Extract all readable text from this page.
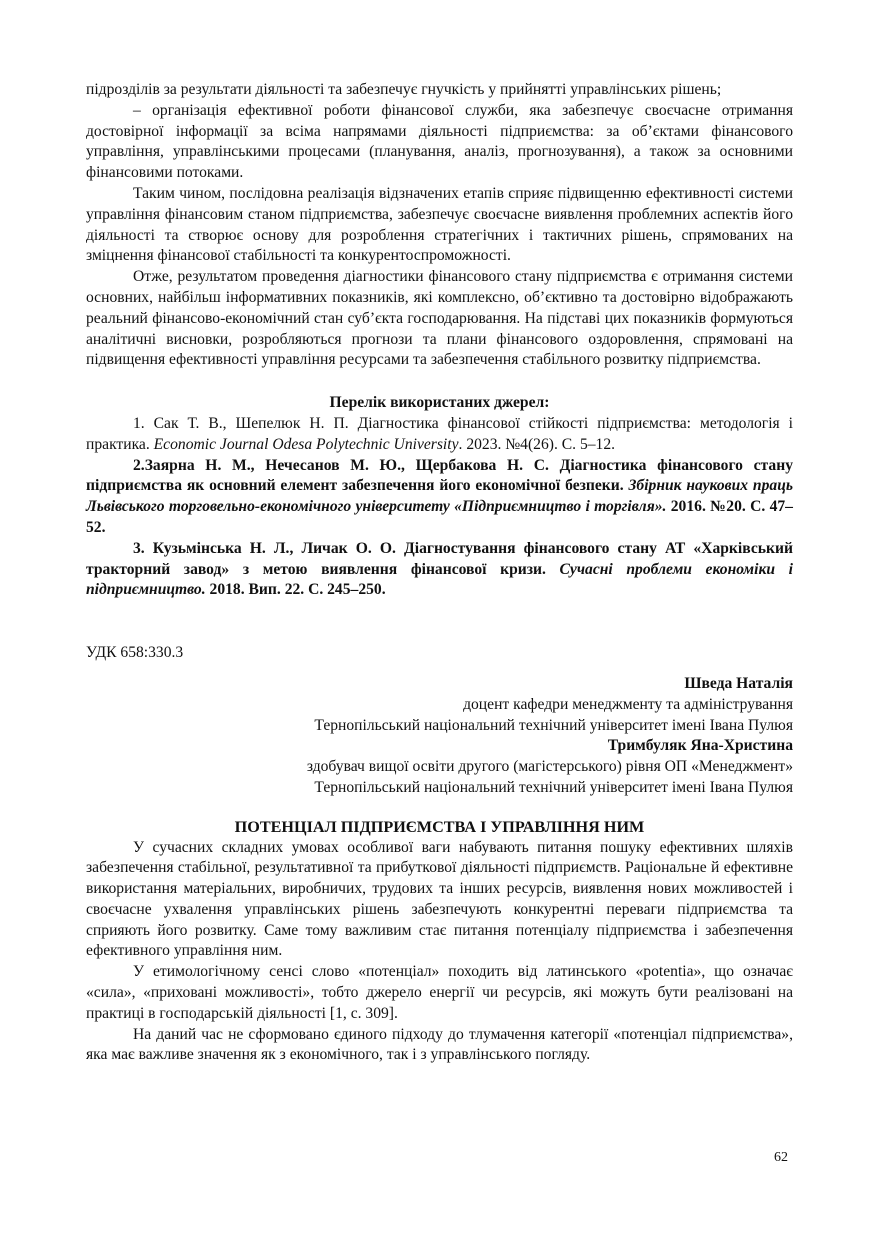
підрозділів за результати діяльності та забезпечує гнучкість у прийнятті управлінських рішень;

– організація ефективної роботи фінансової служби, яка забезпечує своєчасне отримання достовірної інформації за всіма напрямами діяльності підприємства: за об’єктами фінансового управління, управлінськими процесами (планування, аналіз, прогнозування), а також за основними фінансовими потоками.

Таким чином, послідовна реалізація відзначених етапів сприяє підвищенню ефективності системи управління фінансовим станом підприємства, забезпечує своєчасне виявлення проблемних аспектів його діяльності та створює основу для розроблення стратегічних і тактичних рішень, спрямованих на зміцнення фінансової стабільності та конкурентоспроможності.

Отже, результатом проведення діагностики фінансового стану підприємства є отримання системи основних, найбільш інформативних показників, які комплексно, об’єктивно та достовірно відображають реальний фінансово-економічний стан суб’єкта господарювання. На підставі цих показників формуються аналітичні висновки, розробляються прогнози та плани фінансового оздоровлення, спрямовані на підвищення ефективності управління ресурсами та забезпечення стабільного розвитку підприємства.

Перелік використаних джерел:

1. Сак Т. В., Шепелюк Н. П. Діагностика фінансової стійкості підприємства: методологія і практика. Economic Journal Odesa Polytechnic University. 2023. №4(26). С. 5–12.

2.Заярна Н. М., Нечесанов М. Ю., Щербакова Н. С. Діагностика фінансового стану підприємства як основний елемент забезпечення його економічної безпеки. Збірник наукових праць Львівського торговельно-економічного університету «Підприємництво і торгівля». 2016. №20. С. 47–52.

3. Кузьмінська Н. Л., Личак О. О. Діагностування фінансового стану АТ «Харківський тракторний завод» з метою виявлення фінансової кризи. Сучасні проблеми економіки і підприємництво. 2018. Вип. 22. С. 245–250.

УДК 658:330.3

Шведа Наталія

доцент кафедри менеджменту та адміністрування

Тернопільський національний технічний університет імені Івана Пулюя

Тримбуляк Яна-Христина

здобувач вищої освіти другого (магістерського) рівня ОП «Менеджмент»

Тернопільський національний технічний університет імені Івана Пулюя

ПОТЕНЦІАЛ ПІДПРИЄМСТВА І УПРАВЛІННЯ НИМ

У сучасних складних умовах особливої ваги набувають питання пошуку ефективних шляхів забезпечення стабільної, результативної та прибуткової діяльності підприємств. Раціональне й ефективне використання матеріальних, виробничих, трудових та інших ресурсів, виявлення нових можливостей і своєчасне ухвалення управлінських рішень забезпечують конкурентні переваги підприємства та сприяють його розвитку. Саме тому важливим стає питання потенціалу підприємства і забезпечення ефективного управління ним.

У етимологічному сенсі слово «потенціал» походить від латинського «potentia», що означає «сила», «приховані можливості», тобто джерело енергії чи ресурсів, які можуть бути реалізовані на практиці в господарській діяльності [1, с. 309].

На даний час не сформовано єдиного підходу до тлумачення категорії «потенціал підприємства», яка має важливе значення як з економічного, так і з управлінського погляду.

62
